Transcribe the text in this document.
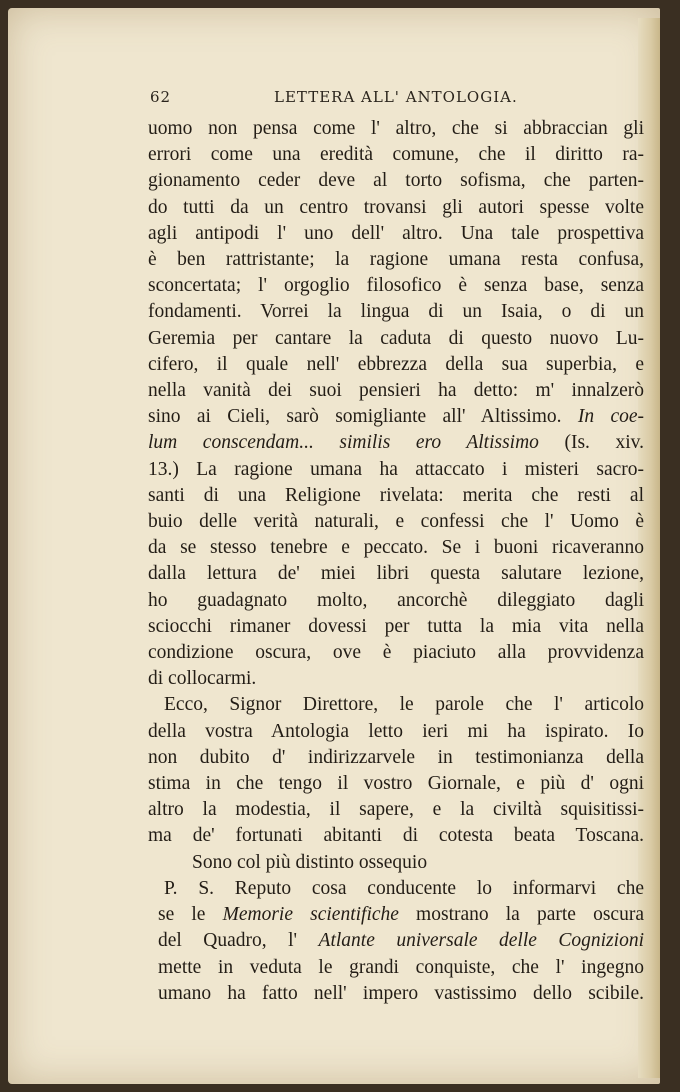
62	LETTERA ALL' ANTOLOGIA.
uomo non pensa come l' altro, che si abbraccian gli
errori come una eredità comune, che il diritto ra-
gionamento ceder deve al torto sofisma, che parten-
do tutti da un centro trovansi gli autori spesse volte
agli antipodi l' uno dell' altro. Una tale prospettiva
è ben rattristante; la ragione umana resta confusa,
sconcertata; l' orgoglio filosofico è senza base, senza
fondamenti. Vorrei la lingua di un Isaia, o di un
Geremia per cantare la caduta di questo nuovo Lu-
cifero, il quale nell' ebbrezza della sua superbia, e
nella vanità dei suoi pensieri ha detto: m' innalzerò
sino ai Cieli, sarò somigliante all' Altissimo. In coe-
lum conscendam... similis ero Altissimo (Is. xiv.
13.) La ragione umana ha attaccato i misteri sacro-
santi di una Religione rivelata: merita che resti al
buio delle verità naturali, e confessi che l' Uomo è
da se stesso tenebre e peccato. Se i buoni ricaveranno
dalla lettura de' miei libri questa salutare lezione,
ho guadagnato molto, ancorchè dileggiato dagli
sciocchi rimaner dovessi per tutta la mia vita nella
condizione oscura, ove è piaciuto alla provvidenza
di collocarmi.
Ecco, Signor Direttore, le parole che l' articolo
della vostra Antologia letto ieri mi ha ispirato. Io
non dubito d' indirizzarvele in testimonianza della
stima in che tengo il vostro Giornale, e più d' ogni
altro la modestia, il sapere, e la civiltà squisitissi-
ma de' fortunati abitanti di cotesta beata Toscana.
Sono col più distinto ossequio
P. S. Reputo cosa conducente lo informarvi che
se le Memorie scientifiche mostrano la parte oscura
del Quadro, l' Atlante universale delle Cognizioni
mette in veduta le grandi conquiste, che l' ingegno
umano ha fatto nell' impero vastissimo dello scibile.
